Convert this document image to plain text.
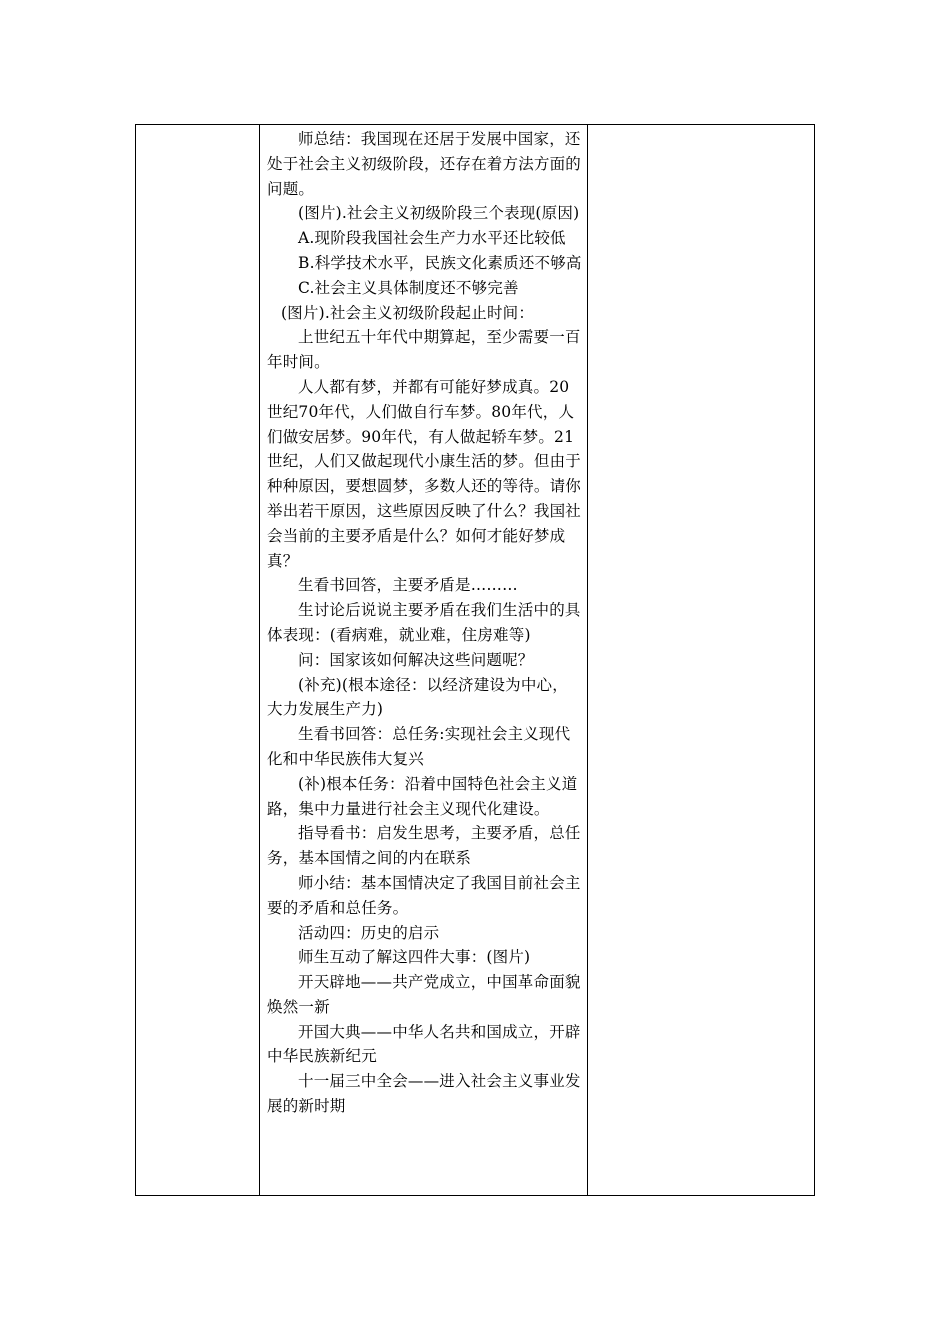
师总结：我国现在还居于发展中国家，还处于社会主义初级阶段，还存在着方法方面的问题。

(图片).社会主义初级阶段三个表现(原因)

A.现阶段我国社会生产力水平还比较低

B.科学技术水平，民族文化素质还不够高

C.社会主义具体制度还不够完善

(图片).社会主义初级阶段起止时间：

上世纪五十年代中期算起，至少需要一百年时间。

人人都有梦，并都有可能好梦成真。20世纪70年代，人们做自行车梦。80年代，人们做安居梦。90年代，有人做起轿车梦。21世纪，人们又做起现代小康生活的梦。但由于种种原因，要想圆梦，多数人还的等待。请你举出若干原因，这些原因反映了什么？我国社会当前的主要矛盾是什么？如何才能好梦成真？

生看书回答，主要矛盾是………

生讨论后说说主要矛盾在我们生活中的具体表现：(看病难，就业难，住房难等)

问：国家该如何解决这些问题呢？

(补充)(根本途径：以经济建设为中心，大力发展生产力)

生看书回答：总任务:实现社会主义现代化和中华民族伟大复兴

(补)根本任务：沿着中国特色社会主义道路，集中力量进行社会主义现代化建设。

指导看书：启发生思考，主要矛盾，总任务，基本国情之间的内在联系

师小结：基本国情决定了我国目前社会主要的矛盾和总任务。

活动四：历史的启示

师生互动了解这四件大事：(图片)

开天辟地——共产党成立，中国革命面貌焕然一新

开国大典——中华人名共和国成立，开辟中华民族新纪元

十一届三中全会——进入社会主义事业发展的新时期
